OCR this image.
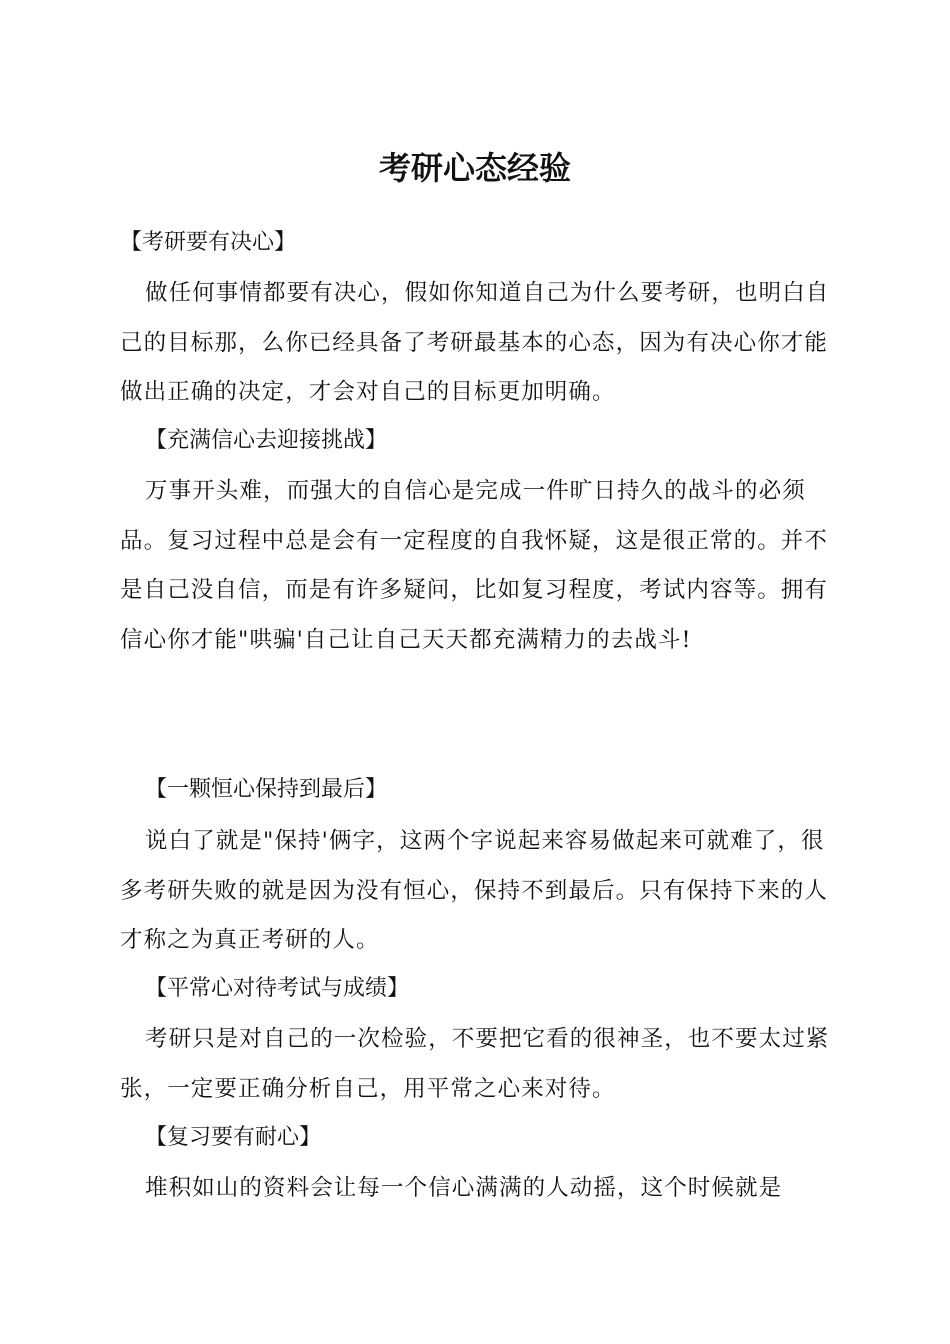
考研心态经验
【考研要有决心】

做任何事情都要有决心，假如你知道自己为什么要考研，也明白自己的目标那，么你已经具备了考研最基本的心态，因为有决心你才能做出正确的决定，才会对自己的目标更加明确。

【充满信心去迎接挑战】

万事开头难，而强大的自信心是完成一件旷日持久的战斗的必须品。复习过程中总是会有一定程度的自我怀疑，这是很正常的。并不是自己没自信，而是有许多疑问，比如复习程度，考试内容等。拥有信心你才能"哄骗'自己让自己天天都充满精力的去战斗!

【一颗恒心保持到最后】

说白了就是"保持'俩字，这两个字说起来容易做起来可就难了，很多考研失败的就是因为没有恒心，保持不到最后。只有保持下来的人才称之为真正考研的人。

【平常心对待考试与成绩】

考研只是对自己的一次检验，不要把它看的很神圣，也不要太过紧张，一定要正确分析自己，用平常之心来对待。

【复习要有耐心】

堆积如山的资料会让每一个信心满满的人动摇，这个时候就是
